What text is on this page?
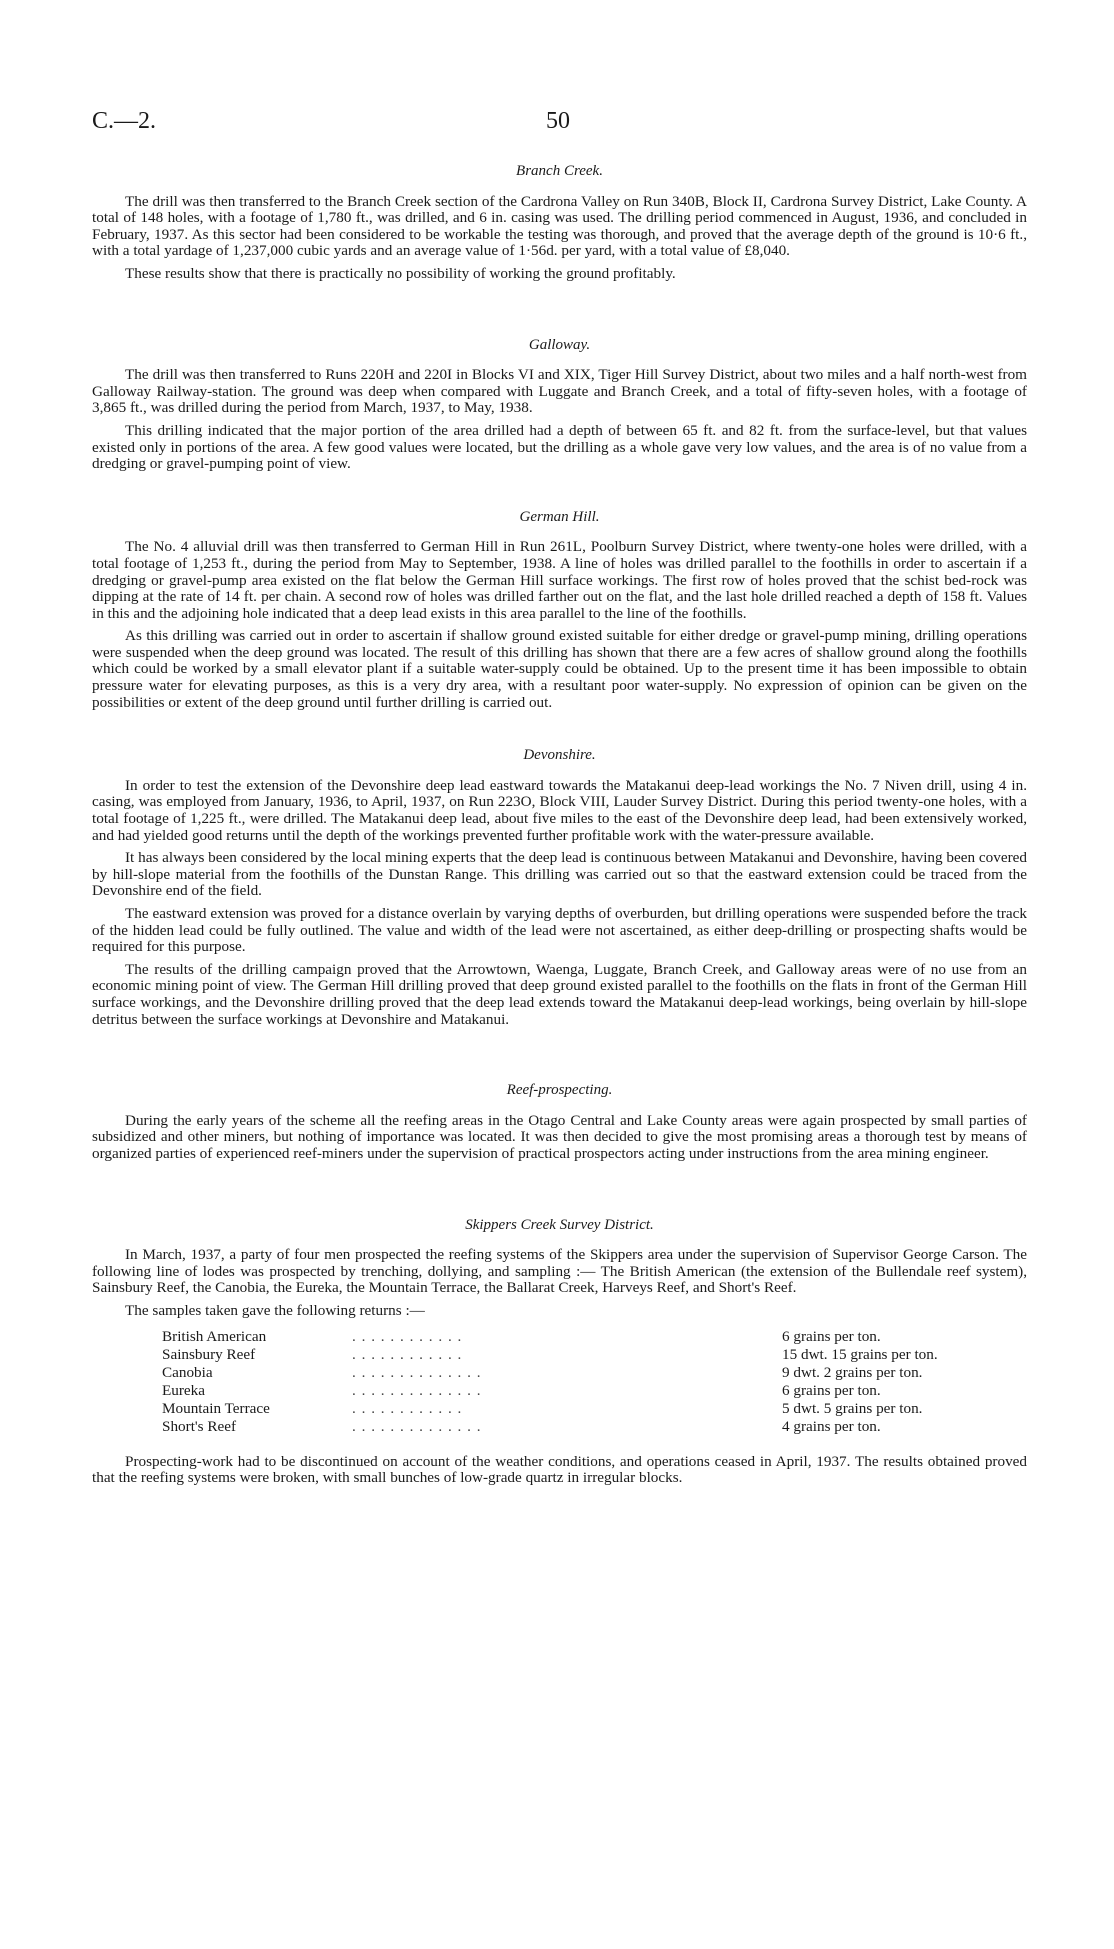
C.—2.	50
Branch Creek.

The drill was then transferred to the Branch Creek section of the Cardrona Valley on Run 340B, Block II, Cardrona Survey District, Lake County. A total of 148 holes, with a footage of 1,780 ft., was drilled, and 6 in. casing was used. The drilling period commenced in August, 1936, and concluded in February, 1937. As this sector had been considered to be workable the testing was thorough, and proved that the average depth of the ground is 10·6 ft., with a total yardage of 1,237,000 cubic yards and an average value of 1·56d. per yard, with a total value of £8,040.

These results show that there is practically no possibility of working the ground profitably.

Galloway.

The drill was then transferred to Runs 220H and 220I in Blocks VI and XIX, Tiger Hill Survey District, about two miles and a half north-west from Galloway Railway-station. The ground was deep when compared with Luggate and Branch Creek, and a total of fifty-seven holes, with a footage of 3,865 ft., was drilled during the period from March, 1937, to May, 1938.

This drilling indicated that the major portion of the area drilled had a depth of between 65 ft. and 82 ft. from the surface-level, but that values existed only in portions of the area. A few good values were located, but the drilling as a whole gave very low values, and the area is of no value from a dredging or gravel-pumping point of view.

German Hill.

The No. 4 alluvial drill was then transferred to German Hill in Run 261L, Poolburn Survey District, where twenty-one holes were drilled, with a total footage of 1,253 ft., during the period from May to September, 1938. A line of holes was drilled parallel to the foothills in order to ascertain if a dredging or gravel-pump area existed on the flat below the German Hill surface workings. The first row of holes proved that the schist bed-rock was dipping at the rate of 14 ft. per chain. A second row of holes was drilled farther out on the flat, and the last hole drilled reached a depth of 158 ft. Values in this and the adjoining hole indicated that a deep lead exists in this area parallel to the line of the foothills.

As this drilling was carried out in order to ascertain if shallow ground existed suitable for either dredge or gravel-pump mining, drilling operations were suspended when the deep ground was located. The result of this drilling has shown that there are a few acres of shallow ground along the foothills which could be worked by a small elevator plant if a suitable water-supply could be obtained. Up to the present time it has been impossible to obtain pressure water for elevating purposes, as this is a very dry area, with a resultant poor water-supply. No expression of opinion can be given on the possibilities or extent of the deep ground until further drilling is carried out.

Devonshire.

In order to test the extension of the Devonshire deep lead eastward towards the Matakanui deep-lead workings the No. 7 Niven drill, using 4 in. casing, was employed from January, 1936, to April, 1937, on Run 223O, Block VIII, Lauder Survey District. During this period twenty-one holes, with a total footage of 1,225 ft., were drilled. The Matakanui deep lead, about five miles to the east of the Devonshire deep lead, had been extensively worked, and had yielded good returns until the depth of the workings prevented further profitable work with the water-pressure available.

It has always been considered by the local mining experts that the deep lead is continuous between Matakanui and Devonshire, having been covered by hill-slope material from the foothills of the Dunstan Range. This drilling was carried out so that the eastward extension could be traced from the Devonshire end of the field.

The eastward extension was proved for a distance overlain by varying depths of overburden, but drilling operations were suspended before the track of the hidden lead could be fully outlined. The value and width of the lead were not ascertained, as either deep-drilling or prospecting shafts would be required for this purpose.

The results of the drilling campaign proved that the Arrowtown, Waenga, Luggate, Branch Creek, and Galloway areas were of no use from an economic mining point of view. The German Hill drilling proved that deep ground existed parallel to the foothills on the flats in front of the German Hill surface workings, and the Devonshire drilling proved that the deep lead extends toward the Matakanui deep-lead workings, being overlain by hill-slope detritus between the surface workings at Devonshire and Matakanui.

Reef-prospecting.

During the early years of the scheme all the reefing areas in the Otago Central and Lake County areas were again prospected by small parties of subsidized and other miners, but nothing of importance was located. It was then decided to give the most promising areas a thorough test by means of organized parties of experienced reef-miners under the supervision of practical prospectors acting under instructions from the area mining engineer.

Skippers Creek Survey District.

In March, 1937, a party of four men prospected the reefing systems of the Skippers area under the supervision of Supervisor George Carson. The following line of lodes was prospected by trenching, dollying, and sampling :— The British American (the extension of the Bullendale reef system), Sainsbury Reef, the Canobia, the Eureka, the Mountain Terrace, the Ballarat Creek, Harveys Reef, and Short's Reef.

The samples taken gave the following returns :—

British American	. . . . . . . . . . . .	6 grains per ton.
Sainsbury Reef	. . . . . . . . . . . .	15 dwt. 15 grains per ton.
Canobia	. . . . . . . . . . . . . .	9 dwt. 2 grains per ton.
Eureka	. . . . . . . . . . . . . .	6 grains per ton.
Mountain Terrace	. . . . . . . . . . . .	5 dwt. 5 grains per ton.
Short's Reef	. . . . . . . . . . . . . .	4 grains per ton.

Prospecting-work had to be discontinued on account of the weather conditions, and operations ceased in April, 1937. The results obtained proved that the reefing systems were broken, with small bunches of low-grade quartz in irregular blocks.
